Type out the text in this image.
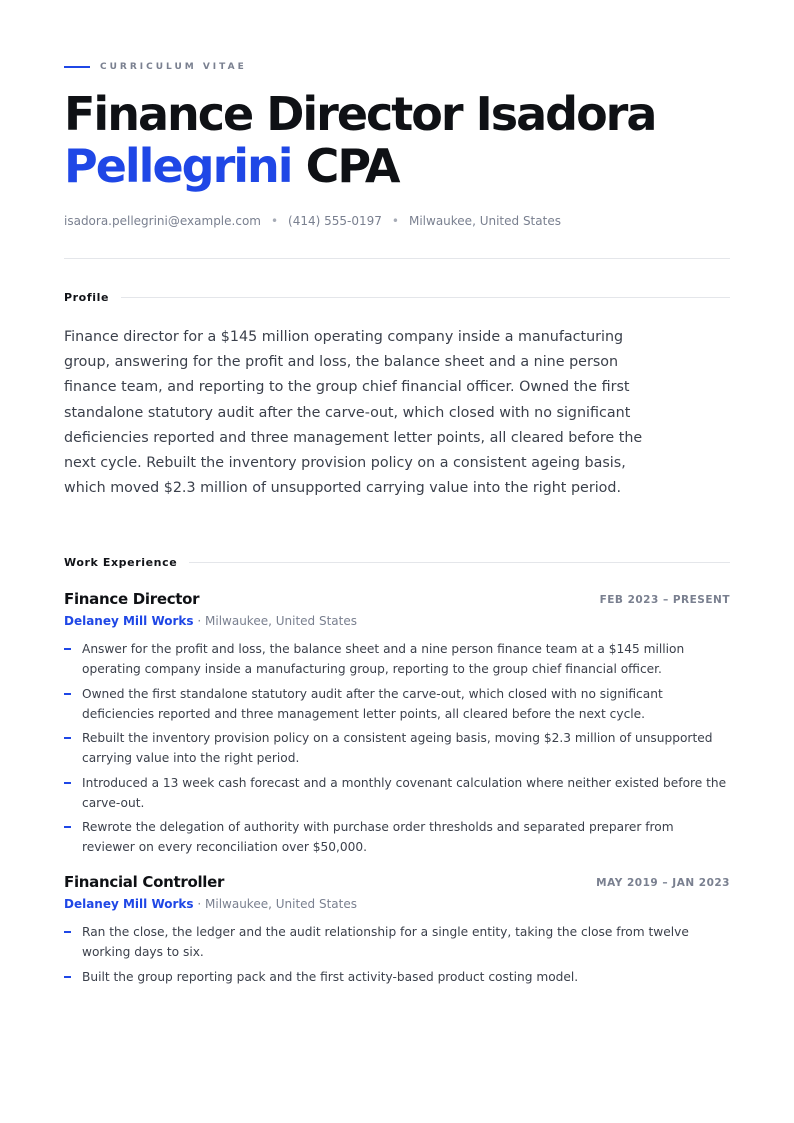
CURRICULUM VITAE
Finance Director Isadora
Pellegrini CPA
isadora.pellegrini@example.com • (414) 555-0197 • Milwaukee, United States
Profile

Finance director for a $145 million operating company inside a manufacturing group, answering for the profit and loss, the balance sheet and a nine person finance team, and reporting to the group chief financial officer. Owned the first standalone statutory audit after the carve-out, which closed with no significant deficiencies reported and three management letter points, all cleared before the next cycle. Rebuilt the inventory provision policy on a consistent ageing basis, which moved $2.3 million of unsupported carrying value into the right period.

Work Experience
Finance Director	FEB 2023 – PRESENT
Delaney Mill Works · Milwaukee, United States
Answer for the profit and loss, the balance sheet and a nine person finance team at a $145 million operating company inside a manufacturing group, reporting to the group chief financial officer.
Owned the first standalone statutory audit after the carve-out, which closed with no significant deficiencies reported and three management letter points, all cleared before the next cycle.
Rebuilt the inventory provision policy on a consistent ageing basis, moving $2.3 million of unsupported carrying value into the right period.
Introduced a 13 week cash forecast and a monthly covenant calculation where neither existed before the carve-out.
Rewrote the delegation of authority with purchase order thresholds and separated preparer from reviewer on every reconciliation over $50,000.
Financial Controller	MAY 2019 – JAN 2023
Delaney Mill Works · Milwaukee, United States
Ran the close, the ledger and the audit relationship for a single entity, taking the close from twelve working days to six.
Built the group reporting pack and the first activity-based product costing model.
